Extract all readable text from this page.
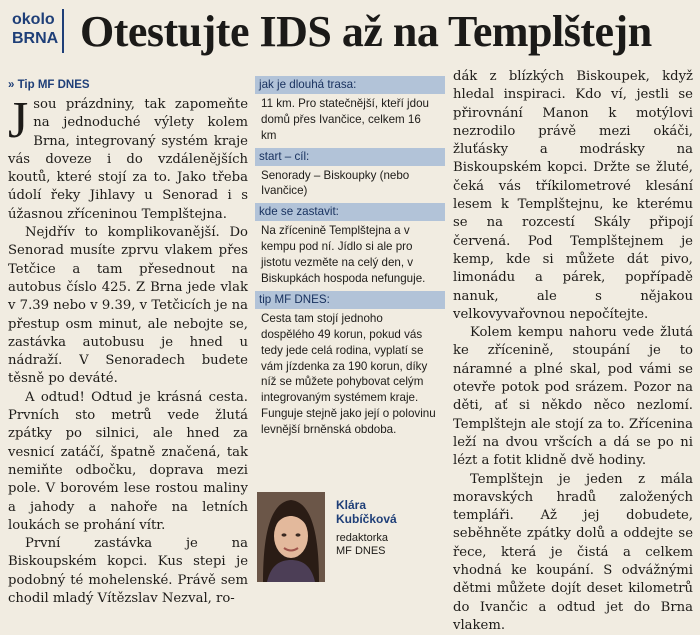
okolo
BRNA Otestujte IDS až na Templštejn
» Tip MF DNES

Jsou prázdniny, tak zapomeňte na jednoduché výlety kolem Brna, integrovaný systém kraje vás doveze i do vzdálenějších koutů, které stojí za to. Jako třeba údolí řeky Jihlavy u Senorad i s úžasnou zříceninou Templštejna.

Nejdřív to komplikovanější. Do Senorad musíte zprvu vlakem přes Tetčice a tam přesednout na autobus číslo 425. Z Brna jede vlak v 7.39 nebo v 9.39, v Tetčicích je na přestup osm minut, ale nebojte se, zastávka autobusu je hned u nádraží. V Senoradech budete těsně po deváté.

A odtud! Odtud je krásná cesta. Prvních sto metrů vede žlutá zpátky po silnici, ale hned za vesnicí zatáčí, špatně značená, tak nemiňte odbočku, doprava mezi pole. V borovém lese rostou maliny a jahody a nahoře na letních loukách se prohání vítr.

První zastávka je na Biskoupském kopci. Kus stepi je podobný té mohelenské. Právě sem chodil mladý Vítězslav Nezval, ro-

jak je dlouhá trasa:
11 km. Pro statečnější, kteří jdou domů přes Ivančice, celkem 16 km
start – cíl:
Senorady – Biskoupky (nebo Ivančice)
kde se zastavit:
Na zřícenině Templštejna a v kempu pod ní. Jídlo si ale pro jistotu vezměte na celý den, v Biskupkách hospoda nefunguje.
tip MF DNES:
Cesta tam stojí jednoho dospělého 49 korun, pokud vás tedy jede celá rodina, vyplatí se vám jízdenka za 190 korun, díky níž se můžete pohybovat celým integrovaným systémem kraje. Funguje stejně jako její o polovinu levnější brněnská obdoba.
Klára
Kubíčková
redaktorka
MF DNES

dák z blízkých Biskoupek, když hledal inspiraci. Kdo ví, jestli se přirovnání Manon k motýlovi nezrodilo právě mezi okáči, žluťásky a modrásky na Biskoupském kopci. Držte se žluté, čeká vás tříkilometrové klesání lesem k Templštejnu, ke kterému se na rozcestí Skály připojí červená. Pod Templštejnem je kemp, kde si můžete dát pivo, limonádu a párek, popřípadě nanuk, ale s nějakou velkovyvařovnou nepočítejte.

Kolem kempu nahoru vede žlutá ke zřícenině, stoupání je to náramné a plné skal, pod vámi se otevře potok pod srázem. Pozor na děti, ať si někdo něco nezlomí. Templštejn ale stojí za to. Zřícenina leží na dvou vršcích a dá se po ni lézt a fotit klidně dvě hodiny.

Templštejn je jeden z mála moravských hradů založených templáři. Až jej dobudete, seběhněte zpátky dolů a oddejte se řece, která je čistá a celkem vhodná ke koupání. S odvážnými dětmi můžete dojít deset kilometrů do Ivančic a odtud jet do Brna vlakem.
